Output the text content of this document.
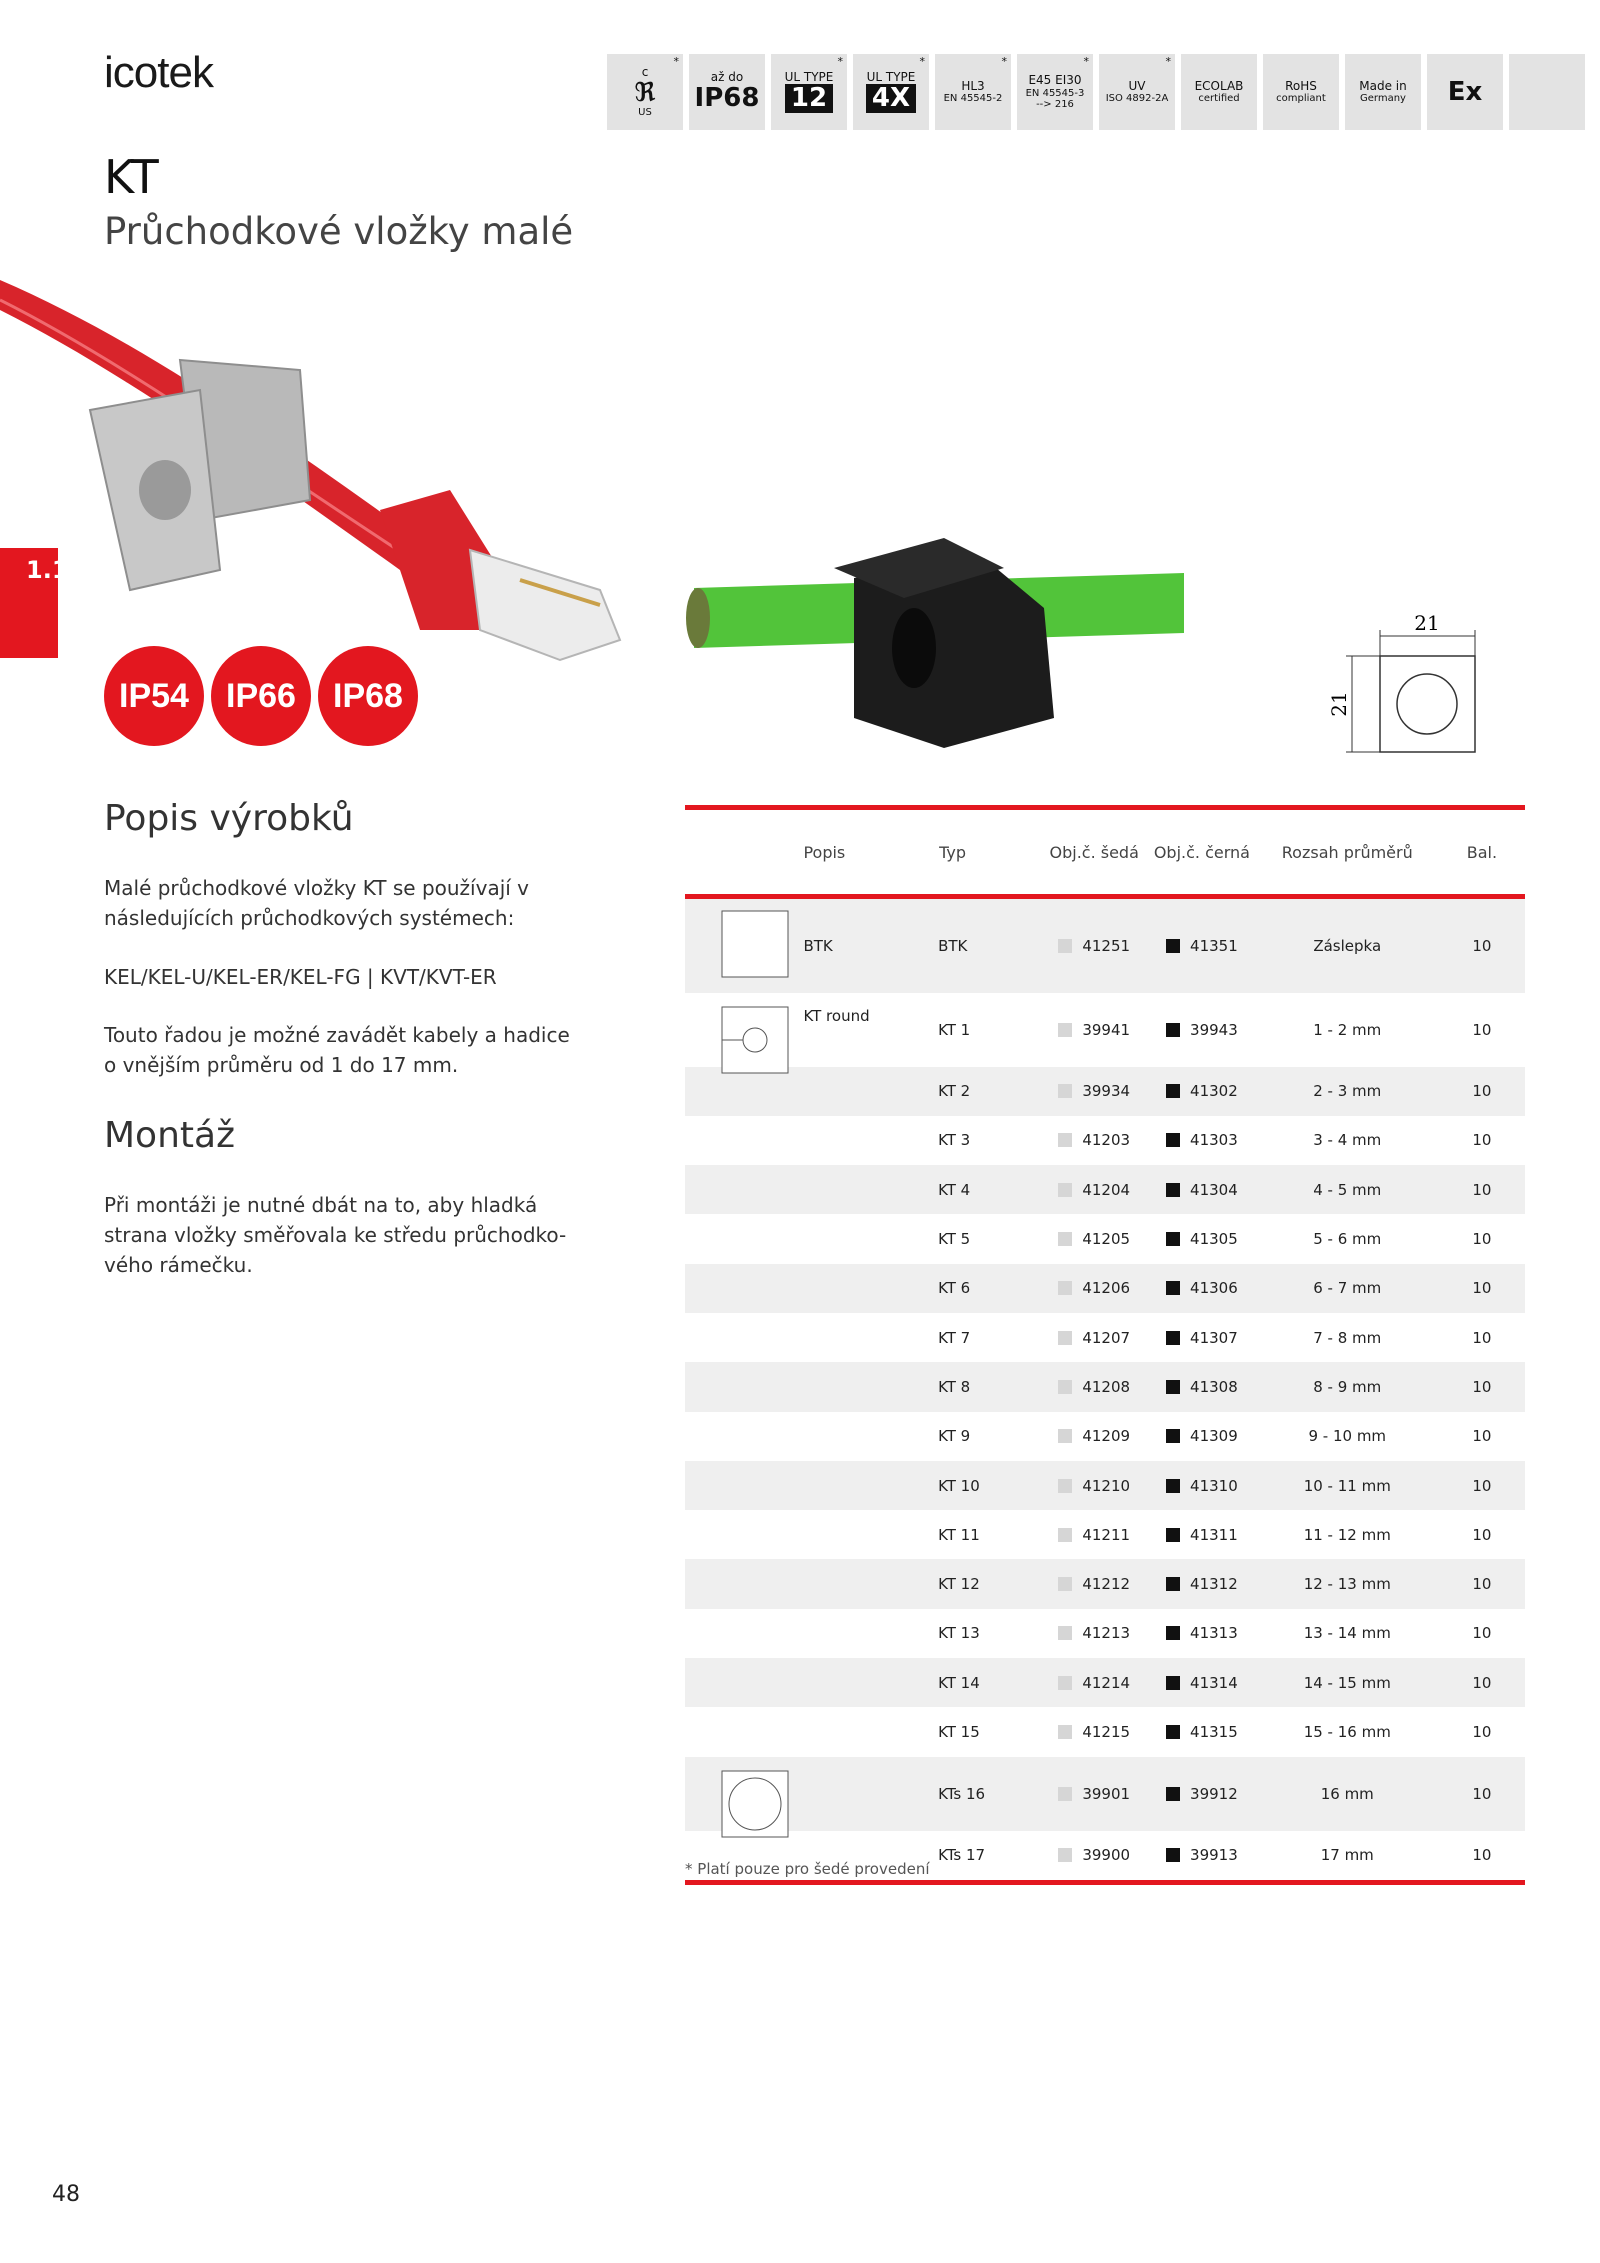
icotek	c
ℜ
US
*
až do
IP68
UL TYPE
12
*
UL TYPE
4X
*
HL3
EN 45545-2
*
E45 EI30
EN 45545-3
--> 216
*
UV
ISO 4892-2A
*
ECOLAB
certified
RoHS
compliant
Made in
Germany Ex
KT
Průchodkové vložky malé
1.1
21
21
IP54	IP66	IP68
Popis výrobků

Malé průchodkové vložky KT se používají v následujících průchodkových systémech:

KEL/KEL-U/KEL-ER/KEL-FG | KVT/KVT-ER

Touto řadou je možné zavádět kabely a hadice o vnějším průměru od 1 do 17 mm.

Montáž

Při montáži je nutné dbát na to, aby hladká strana vložky směřovala ke středu průchodko- vého rámečku.

	Popis	Typ	Obj.č. šedá	Obj.č. černá	Rozsah průměrů	Bal.
	BTK	BTK	41251	41351	Záslepka	10
	KT round	KT 1	39941	39943	1 - 2 mm	10
		KT 2	39934	41302	2 - 3 mm	10
		KT 3	41203	41303	3 - 4 mm	10
		KT 4	41204	41304	4 - 5 mm	10
		KT 5	41205	41305	5 - 6 mm	10
		KT 6	41206	41306	6 - 7 mm	10
		KT 7	41207	41307	7 - 8 mm	10
		KT 8	41208	41308	8 - 9 mm	10
		KT 9	41209	41309	9 - 10 mm	10
		KT 10	41210	41310	10 - 11 mm	10
		KT 11	41211	41311	11 - 12 mm	10
		KT 12	41212	41312	12 - 13 mm	10
		KT 13	41213	41313	13 - 14 mm	10
		KT 14	41214	41314	14 - 15 mm	10
		KT 15	41215	41315	15 - 16 mm	10
		KTs 16	39901	39912	16 mm	10
		KTs 17	39900	39913	17 mm	10
* Platí pouze pro šedé provedení
48
